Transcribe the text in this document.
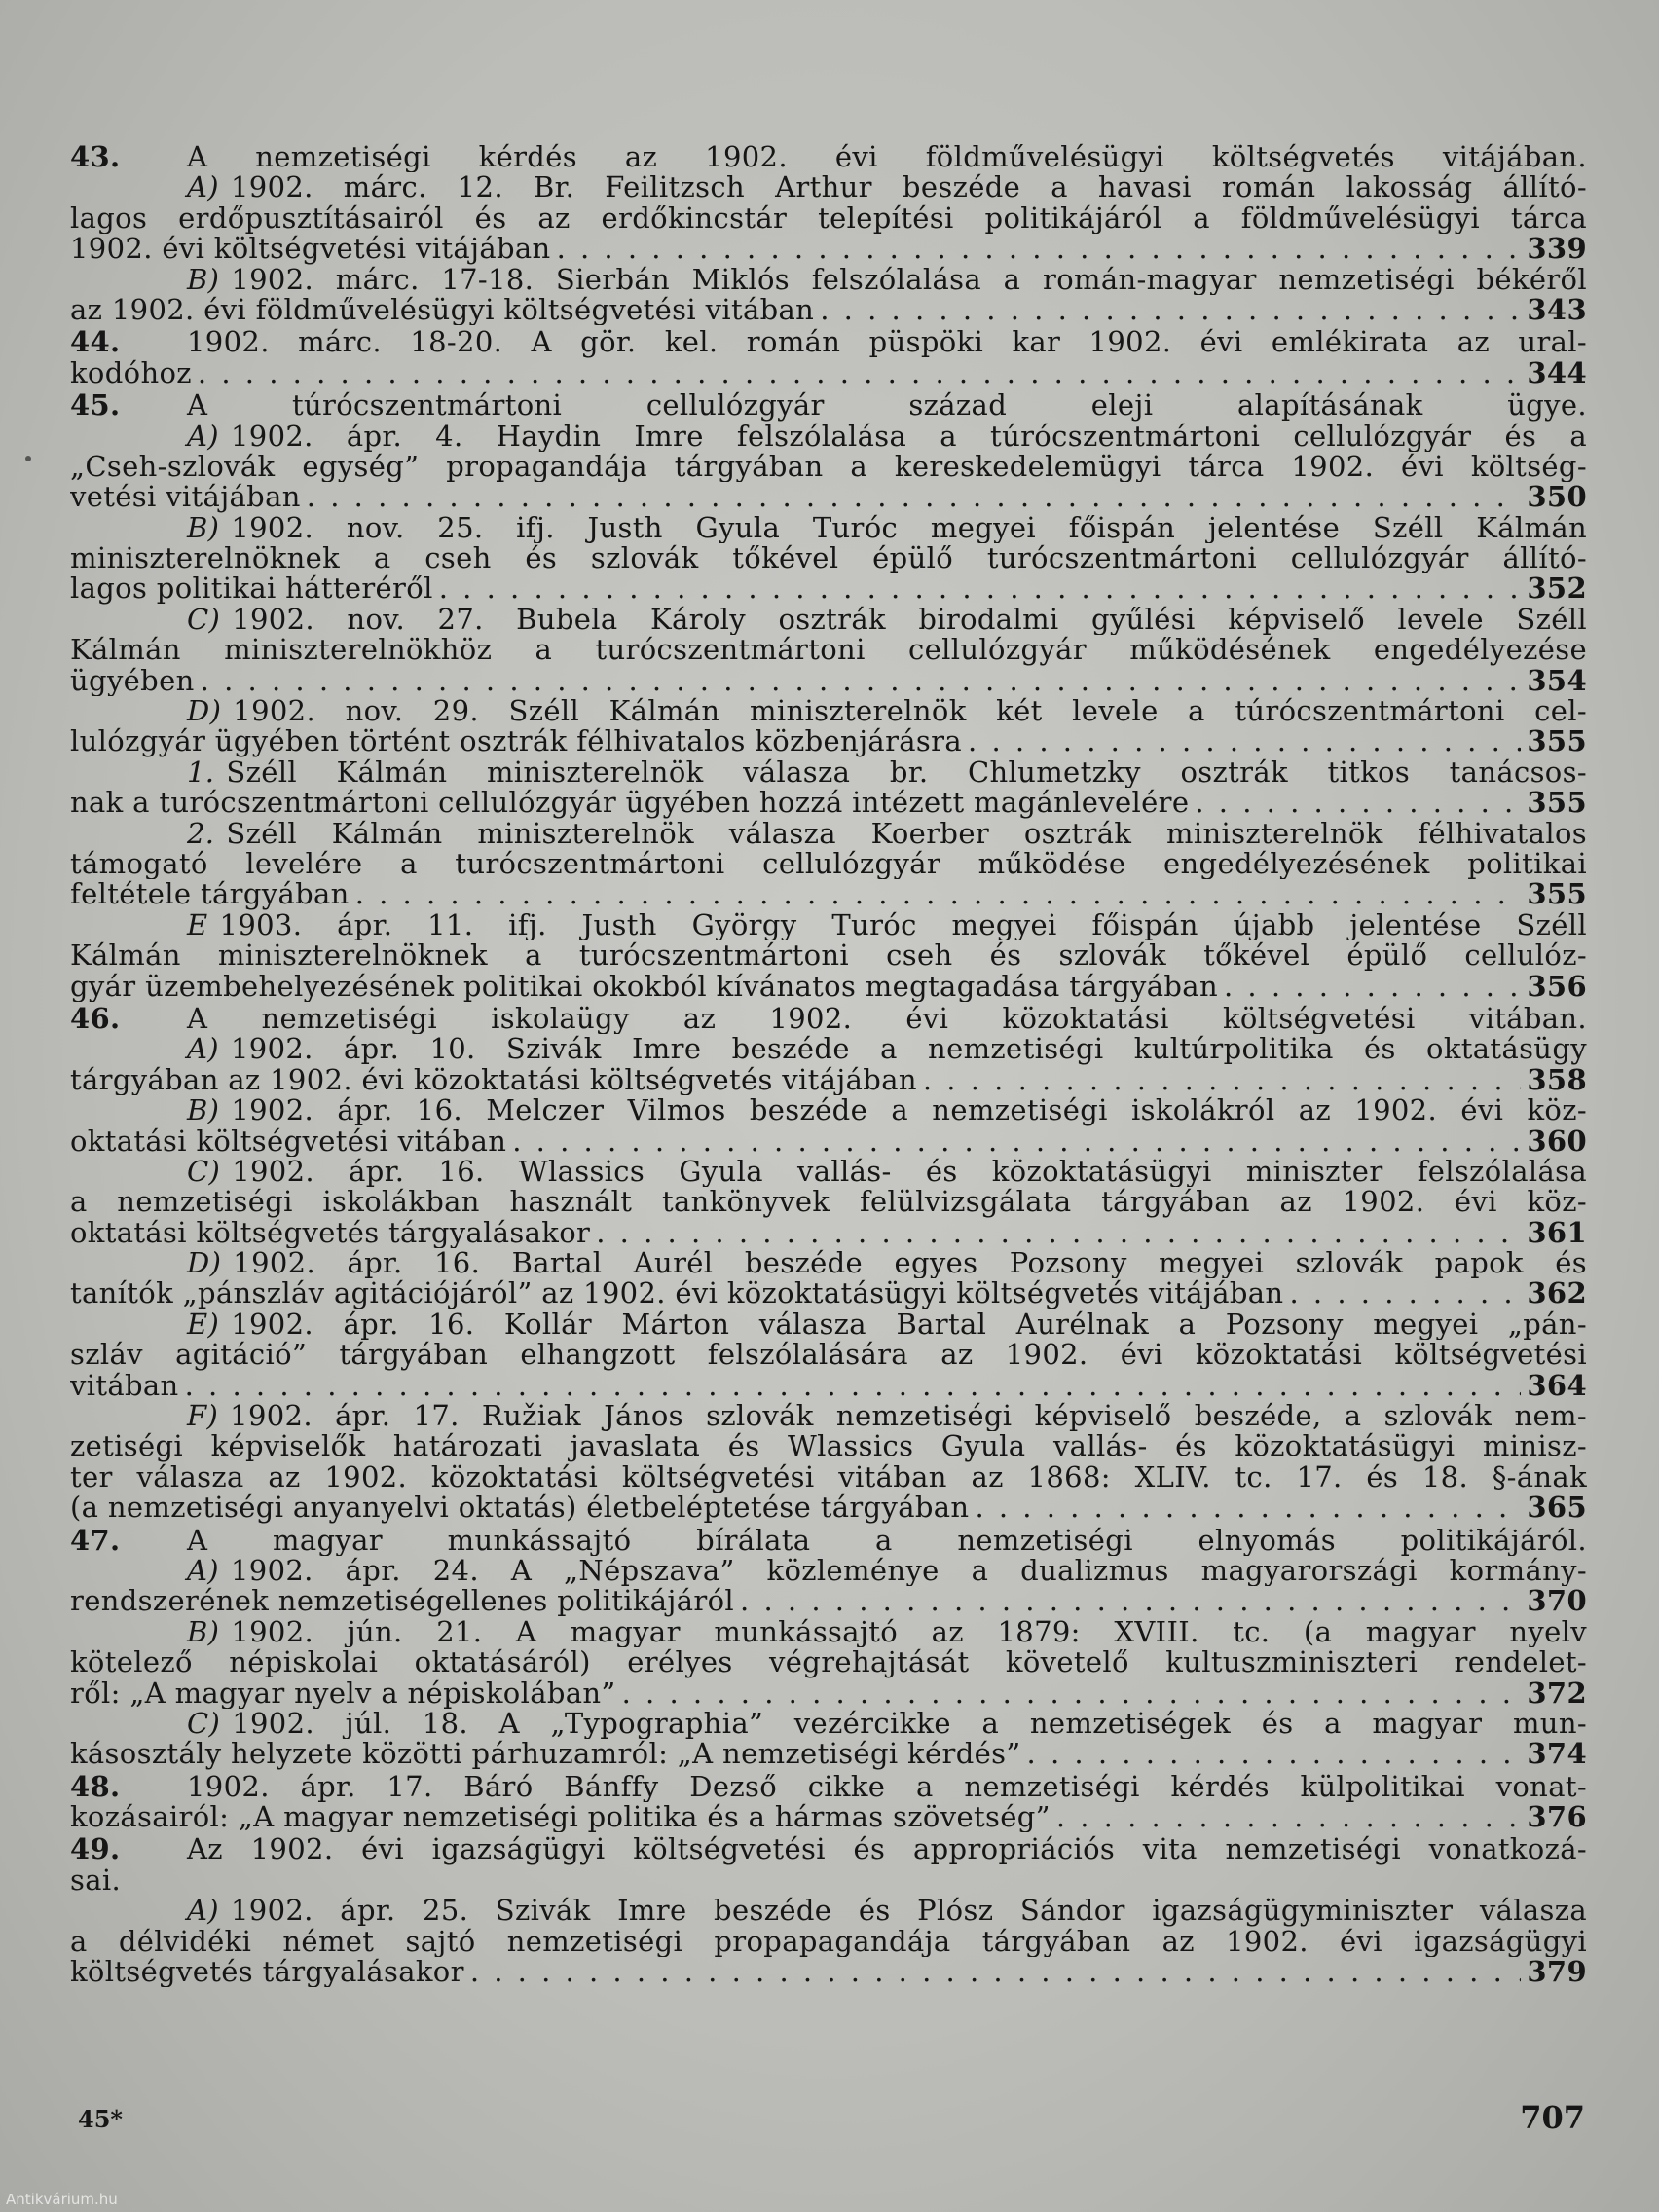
43. A nemzetiségi kérdés az 1902. évi földművelésügyi költségvetés vitájában.
A) 1902. márc. 12. Br. Feilitzsch Arthur beszéde a havasi román lakosság állító-
lagos erdőpusztításairól és az erdőkincstár telepítési politikájáról a földművelésügyi tárca
1902. évi költségvetési vitájában . . .	339
B) 1902. márc. 17-18. Sierbán Miklós felszólalása a román-magyar nemzetiségi békéről
az 1902. évi földművelésügyi költségvetési vitában . . .	343
44. 1902. márc. 18-20. A gör. kel. román püspöki kar 1902. évi emlékirata az ural-
kodóhoz . . .	344
45. A túrócszentmártoni cellulózgyár század eleji alapításának ügye.
A) 1902. ápr. 4. Haydin Imre felszólalása a túrócszentmártoni cellulózgyár és a
„Cseh-szlovák egység” propagandája tárgyában a kereskedelemügyi tárca 1902. évi költség-
vetési vitájában . . .	350
B) 1902. nov. 25. ifj. Justh Gyula Turóc megyei főispán jelentése Széll Kálmán
miniszterelnöknek a cseh és szlovák tőkével épülő turócszentmártoni cellulózgyár állító-
lagos politikai hátteréről . . .	352
C) 1902. nov. 27. Bubela Károly osztrák birodalmi gyűlési képviselő levele Széll
Kálmán miniszterelnökhöz a turócszentmártoni cellulózgyár működésének engedélyezése
ügyében . . .	354
D) 1902. nov. 29. Széll Kálmán miniszterelnök két levele a túrócszentmártoni cel-
lulózgyár ügyében történt osztrák félhivatalos közbenjárásra . . .	355
1. Széll Kálmán miniszterelnök válasza br. Chlumetzky osztrák titkos tanácsos-
nak a turócszentmártoni cellulózgyár ügyében hozzá intézett magánlevelére . . .	355
2. Széll Kálmán miniszterelnök válasza Koerber osztrák miniszterelnök félhivatalos
támogató levelére a turócszentmártoni cellulózgyár működése engedélyezésének politikai
feltétele tárgyában . . .	355
E 1903. ápr. 11. ifj. Justh György Turóc megyei főispán újabb jelentése Széll
Kálmán miniszterelnöknek a turócszentmártoni cseh és szlovák tőkével épülő cellulóz-
gyár üzembehelyezésének politikai okokból kívánatos megtagadása tárgyában . . .	356
46. A nemzetiségi iskolaügy az 1902. évi közoktatási költségvetési vitában.
A) 1902. ápr. 10. Szivák Imre beszéde a nemzetiségi kultúrpolitika és oktatásügy
tárgyában az 1902. évi közoktatási költségvetés vitájában . . .	358
B) 1902. ápr. 16. Melczer Vilmos beszéde a nemzetiségi iskolákról az 1902. évi köz-
oktatási költségvetési vitában . . .	360
C) 1902. ápr. 16. Wlassics Gyula vallás- és közoktatásügyi miniszter felszólalása
a nemzetiségi iskolákban használt tankönyvek felülvizsgálata tárgyában az 1902. évi köz-
oktatási költségvetés tárgyalásakor . . .	361
D) 1902. ápr. 16. Bartal Aurél beszéde egyes Pozsony megyei szlovák papok és
tanítók „pánszláv agitációjáról” az 1902. évi közoktatásügyi költségvetés vitájában . . .	362
E) 1902. ápr. 16. Kollár Márton válasza Bartal Aurélnak a Pozsony megyei „pán-
szláv agitáció” tárgyában elhangzott felszólalására az 1902. évi közoktatási költségvetési
vitában . . .	364
F) 1902. ápr. 17. Ružiak János szlovák nemzetiségi képviselő beszéde, a szlovák nem-
zetiségi képviselők határozati javaslata és Wlassics Gyula vallás- és közoktatásügyi minisz-
ter válasza az 1902. közoktatási költségvetési vitában az 1868: XLIV. tc. 17. és 18. §-ának
(a nemzetiségi anyanyelvi oktatás) életbeléptetése tárgyában . . .	365
47. A magyar munkássajtó bírálata a nemzetiségi elnyomás politikájáról.
A) 1902. ápr. 24. A „Népszava” közleménye a dualizmus magyarországi kormány-
rendszerének nemzetiségellenes politikájáról . . .	370
B) 1902. jún. 21. A magyar munkássajtó az 1879: XVIII. tc. (a magyar nyelv
kötelező népiskolai oktatásáról) erélyes végrehajtását követelő kultuszminiszteri rendelet-
ről: „A magyar nyelv a népiskolában” . . .	372
C) 1902. júl. 18. A „Typographia” vezércikke a nemzetiségek és a magyar mun-
kásosztály helyzete közötti párhuzamról: „A nemzetiségi kérdés” . . .	374
48. 1902. ápr. 17. Báró Bánffy Dezső cikke a nemzetiségi kérdés külpolitikai vonat-
kozásairól: „A magyar nemzetiségi politika és a hármas szövetség” . . .	376
49. Az 1902. évi igazságügyi költségvetési és appropriációs vita nemzetiségi vonatkozá-
sai.
A) 1902. ápr. 25. Szivák Imre beszéde és Plósz Sándor igazságügyminiszter válasza
a délvidéki német sajtó nemzetiségi propapagandája tárgyában az 1902. évi igazságügyi
költségvetés tárgyalásakor . . .	379
45*	707
Antikvárium.hu
